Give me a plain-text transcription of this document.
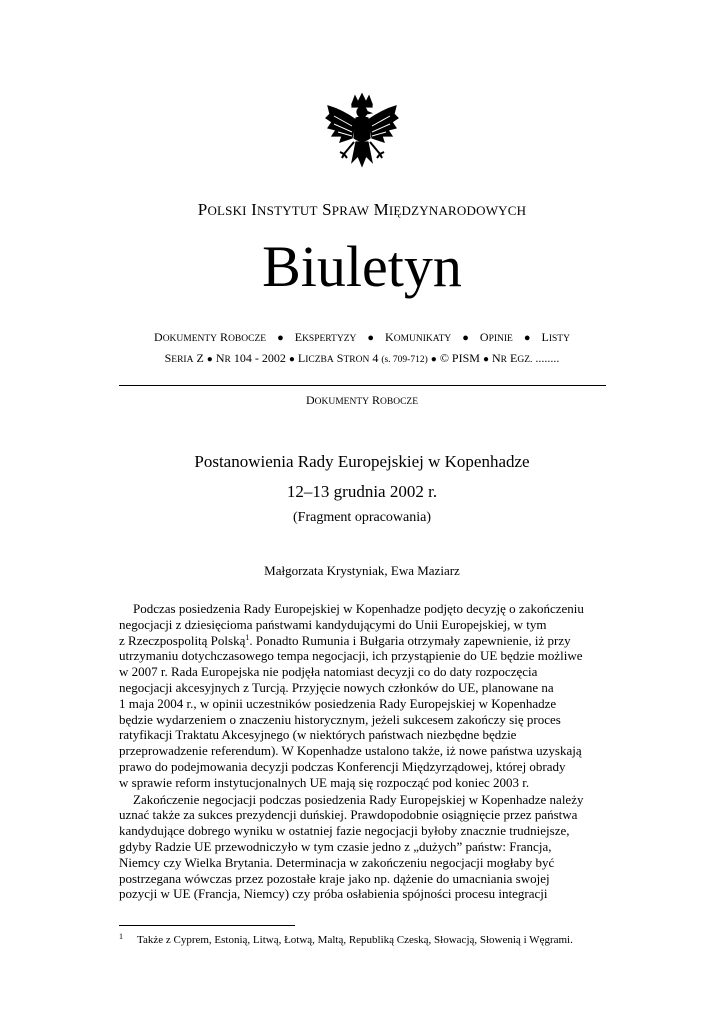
POLSKI INSTYTUT SPRAW MIĘDZYNARODOWYCH
Biuletyn
DOKUMENTY ROBOCZE ● EKSPERTYZY ● KOMUNIKATY ● OPINIE ● LISTY
SERIA Z ● NR 104 - 2002 ● LICZBA STRON 4 (s. 709-712) ● © PISM ● NR EGZ. ........
DOKUMENTY ROBOCZE
Postanowienia Rady Europejskiej w Kopenhadze
12–13 grudnia 2002 r.
(Fragment opracowania)
Małgorzata Krystyniak, Ewa Maziarz
Podczas posiedzenia Rady Europejskiej w Kopenhadze podjęto decyzję o zakończeniu
negocjacji z dziesięcioma państwami kandydującymi do Unii Europejskiej, w tym
z Rzeczpospolitą Polską$^1$. Ponadto Rumunia i Bułgaria otrzymały zapewnienie, iż przy
utrzymaniu dotychczasowego tempa negocjacji, ich przystąpienie do UE będzie możliwe
w 2007 r. Rada Europejska nie podjęła natomiast decyzji co do daty rozpoczęcia
negocjacji akcesyjnych z Turcją. Przyjęcie nowych członków do UE, planowane na
1 maja 2004 r., w opinii uczestników posiedzenia Rady Europejskiej w Kopenhadze
będzie wydarzeniem o znaczeniu historycznym, jeżeli sukcesem zakończy się proces
ratyfikacji Traktatu Akcesyjnego (w niektórych państwach niezbędne będzie
przeprowadzenie referendum). W Kopenhadze ustalono także, iż nowe państwa uzyskają
prawo do podejmowania decyzji podczas Konferencji Międzyrządowej, której obrady
w sprawie reform instytucjonalnych UE mają się rozpocząć pod koniec 2003 r.
Zakończenie negocjacji podczas posiedzenia Rady Europejskiej w Kopenhadze należy
uznać także za sukces prezydencji duńskiej. Prawdopodobnie osiągnięcie przez państwa
kandydujące dobrego wyniku w ostatniej fazie negocjacji byłoby znacznie trudniejsze,
gdyby Radzie UE przewodniczyło w tym czasie jedno z „dużych” państw: Francja,
Niemcy czy Wielka Brytania. Determinacja w zakończeniu negocjacji mogłaby być
postrzegana wówczas przez pozostałe kraje jako np. dążenie do umacniania swojej
pozycji w UE (Francja, Niemcy) czy próba osłabienia spójności procesu integracji
$^1$ Także z Cyprem, Estonią, Litwą, Łotwą, Maltą, Republiką Czeską, Słowacją, Słowenią i Węgrami.
